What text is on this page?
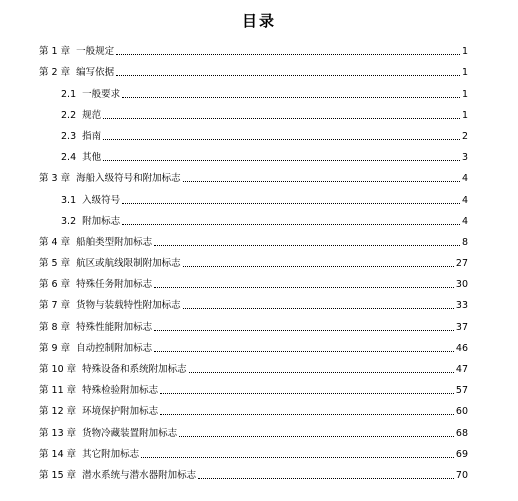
目录
第 1 章 一般规定	1
第 2 章 编写依据	1
2.1 一般要求	1
2.2 规范	1
2.3 指南	2
2.4 其他	3
第 3 章 海船入级符号和附加标志	4
3.1 入级符号	4
3.2 附加标志	4
第 4 章 船舶类型附加标志	8
第 5 章 航区或航线限制附加标志	27
第 6 章 特殊任务附加标志	30
第 7 章 货物与装载特性附加标志	33
第 8 章 特殊性能附加标志	37
第 9 章 自动控制附加标志	46
第 10 章 特殊设备和系统附加标志	47
第 11 章 特殊检验附加标志	57
第 12 章 环境保护附加标志	60
第 13 章 货物冷藏装置附加标志	68
第 14 章 其它附加标志	69
第 15 章 潜水系统与潜水器附加标志	70
